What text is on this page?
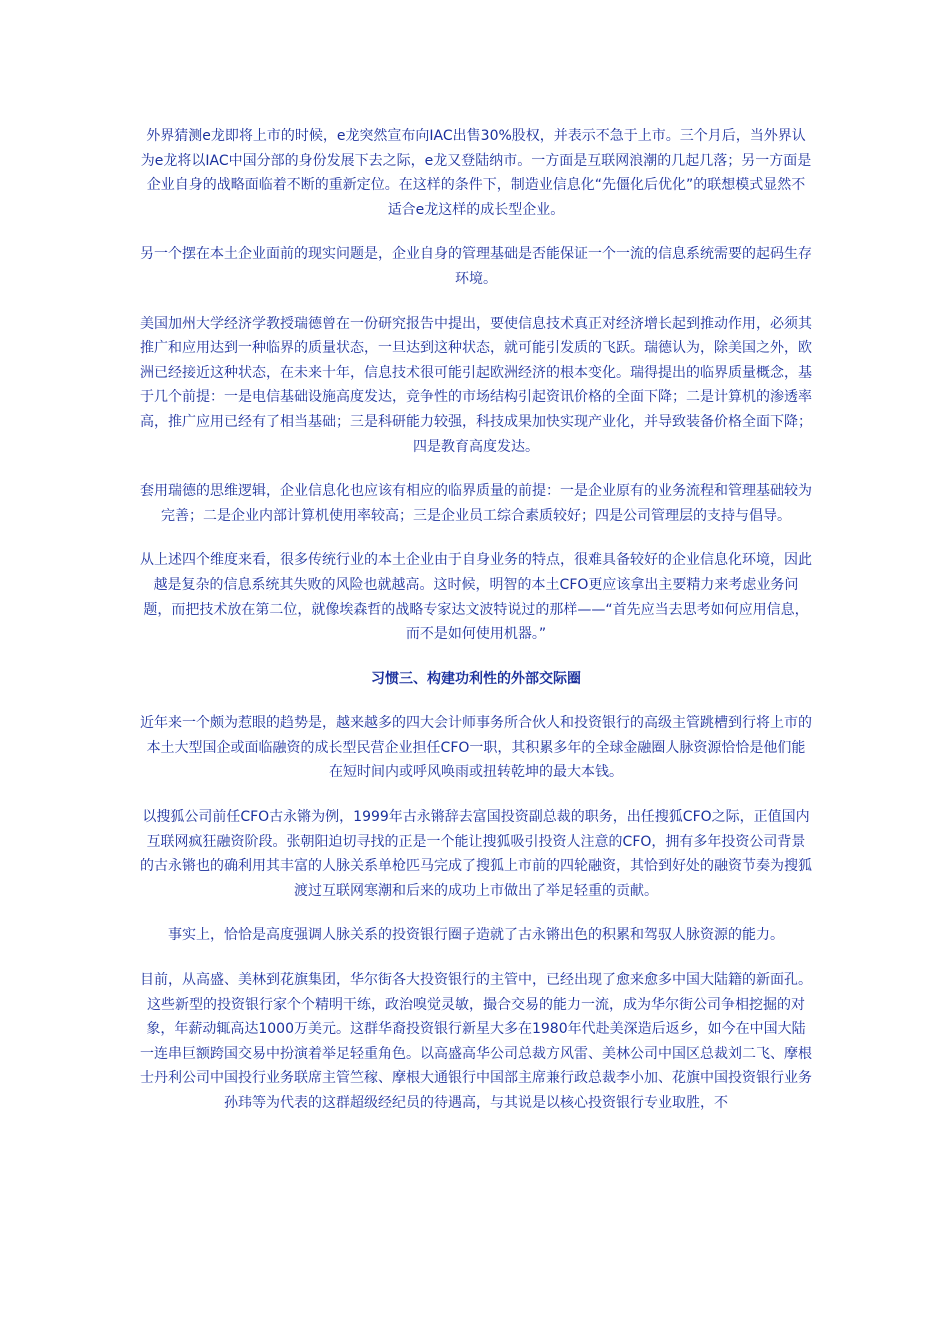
外界猜测e龙即将上市的时候，e龙突然宣布向IAC出售30%股权，并表示不急于上市。三个月后，当外界认为e龙将以IAC中国分部的身份发展下去之际，e龙又登陆纳市。一方面是互联网浪潮的几起几落；另一方面是企业自身的战略面临着不断的重新定位。在这样的条件下，制造业信息化“先僵化后优化”的联想模式显然不适合e龙这样的成长型企业。

另一个摆在本土企业面前的现实问题是，企业自身的管理基础是否能保证一个一流的信息系统需要的起码生存环境。

美国加州大学经济学教授瑞德曾在一份研究报告中提出，要使信息技术真正对经济增长起到推动作用，必须其推广和应用达到一种临界的质量状态，一旦达到这种状态，就可能引发质的飞跃。瑞德认为，除美国之外，欧洲已经接近这种状态，在未来十年，信息技术很可能引起欧洲经济的根本变化。瑞得提出的临界质量概念，基于几个前提：一是电信基础设施高度发达，竞争性的市场结构引起资讯价格的全面下降；二是计算机的渗透率高，推广应用已经有了相当基础；三是科研能力较强，科技成果加快实现产业化，并导致装备价格全面下降；四是教育高度发达。

套用瑞德的思维逻辑，企业信息化也应该有相应的临界质量的前提：一是企业原有的业务流程和管理基础较为完善；二是企业内部计算机使用率较高；三是企业员工综合素质较好；四是公司管理层的支持与倡导。

从上述四个维度来看，很多传统行业的本土企业由于自身业务的特点，很难具备较好的企业信息化环境，因此越是复杂的信息系统其失败的风险也就越高。这时候，明智的本土CFO更应该拿出主要精力来考虑业务问题，而把技术放在第二位，就像埃森哲的战略专家达文波特说过的那样——“首先应当去思考如何应用信息，而不是如何使用机器。”

习惯三、构建功利性的外部交际圈

近年来一个颇为惹眼的趋势是，越来越多的四大会计师事务所合伙人和投资银行的高级主管跳槽到行将上市的本土大型国企或面临融资的成长型民营企业担任CFO一职，其积累多年的全球金融圈人脉资源恰恰是他们能在短时间内或呼风唤雨或扭转乾坤的最大本钱。

以搜狐公司前任CFO古永锵为例，1999年古永锵辞去富国投资副总裁的职务，出任搜狐CFO之际，正值国内互联网疯狂融资阶段。张朝阳迫切寻找的正是一个能让搜狐吸引投资人注意的CFO，拥有多年投资公司背景的古永锵也的确利用其丰富的人脉关系单枪匹马完成了搜狐上市前的四轮融资，其恰到好处的融资节奏为搜狐渡过互联网寒潮和后来的成功上市做出了举足轻重的贡献。

事实上，恰恰是高度强调人脉关系的投资银行圈子造就了古永锵出色的积累和驾驭人脉资源的能力。

目前，从高盛、美林到花旗集团，华尔街各大投资银行的主管中，已经出现了愈来愈多中国大陆籍的新面孔。这些新型的投资银行家个个精明干练，政治嗅觉灵敏，撮合交易的能力一流，成为华尔街公司争相挖掘的对象，年薪动辄高达1000万美元。这群华裔投资银行新星大多在1980年代赴美深造后返乡，如今在中国大陆一连串巨额跨国交易中扮演着举足轻重角色。以高盛高华公司总裁方风雷、美林公司中国区总裁刘二飞、摩根士丹利公司中国投行业务联席主管竺稼、摩根大通银行中国部主席兼行政总裁李小加、花旗中国投资银行业务孙玮等为代表的这群超级经纪员的待遇高，与其说是以核心投资银行专业取胜，不
